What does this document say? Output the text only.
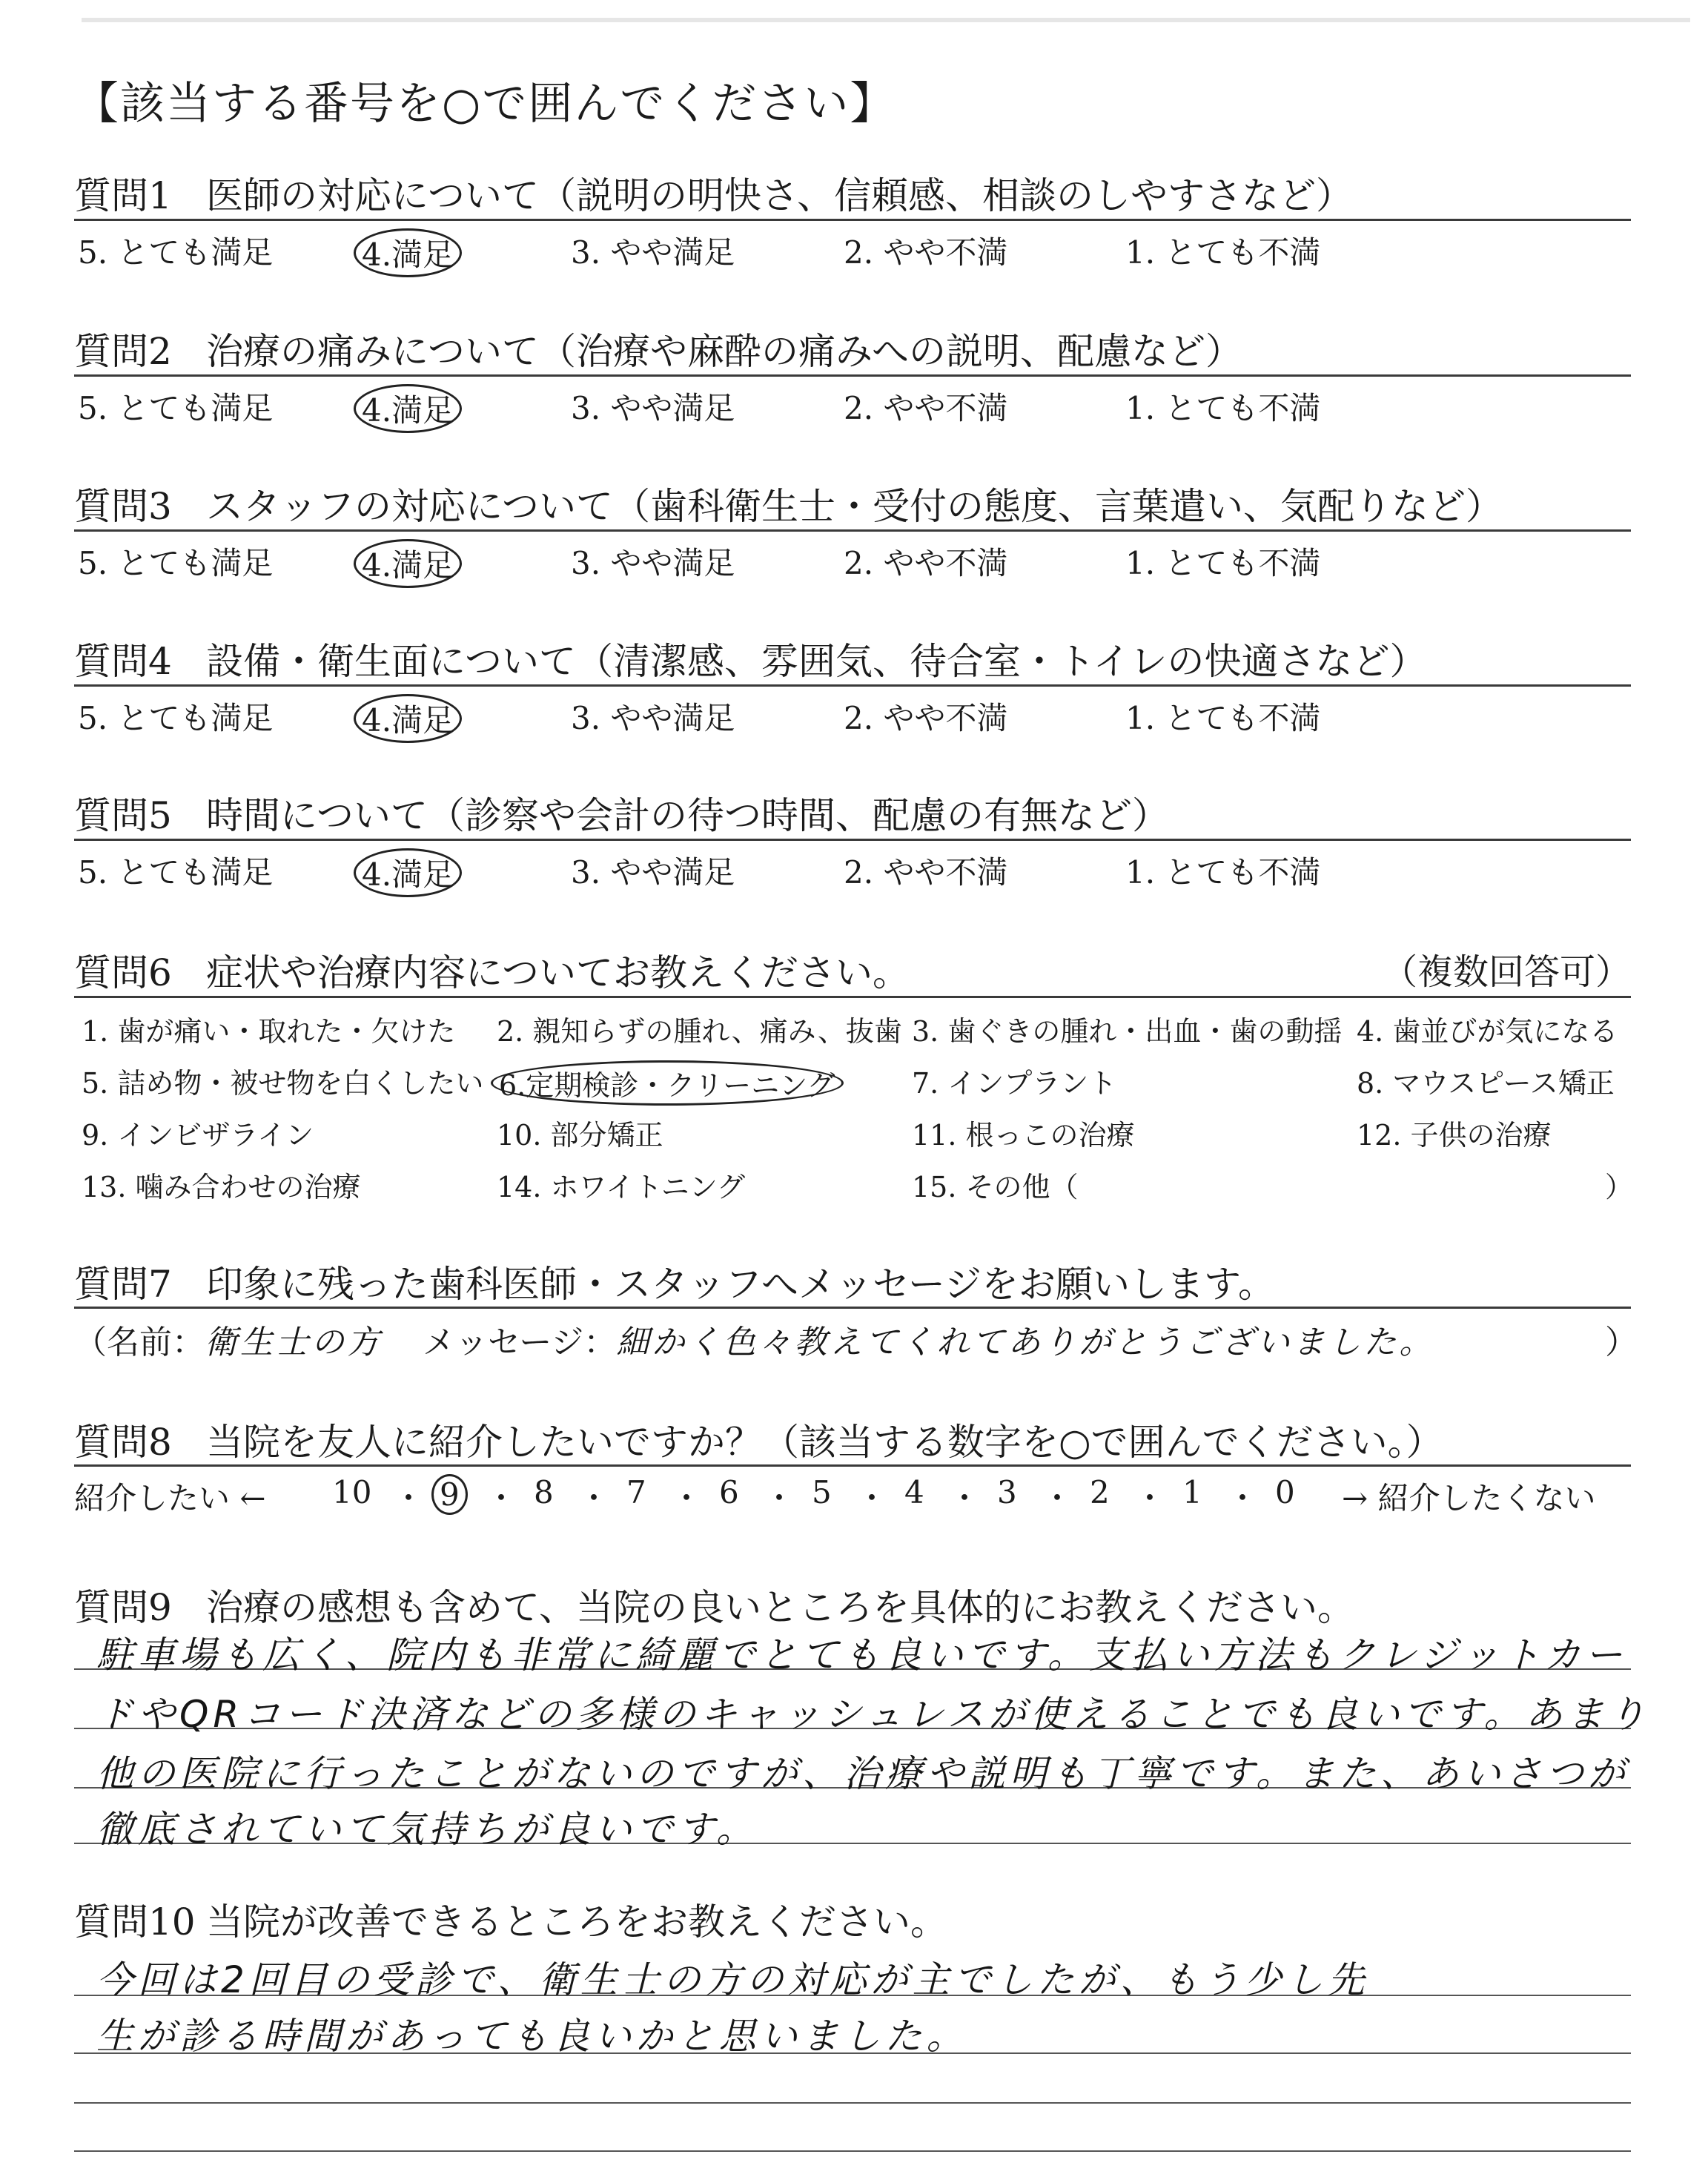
【該当する番号を○で囲んでください】
質問1 医師の対応について（説明の明快さ、信頼感、相談のしやすさなど）
5. とても満足	4.満足	3. やや満足	2. やや不満	1. とても不満
質問2 治療の痛みについて（治療や麻酔の痛みへの説明、配慮など）
5. とても満足	4.満足	3. やや満足	2. やや不満	1. とても不満
質問3 スタッフの対応について（歯科衛生士・受付の態度、言葉遣い、気配りなど）
5. とても満足	4.満足	3. やや満足	2. やや不満	1. とても不満
質問4 設備・衛生面について（清潔感、雰囲気、待合室・トイレの快適さなど）
5. とても満足	4.満足	3. やや満足	2. やや不満	1. とても不満
質問5 時間について（診察や会計の待つ時間、配慮の有無など）
5. とても満足	4.満足	3. やや満足	2. やや不満	1. とても不満
質問6 症状や治療内容についてお教えください。	（複数回答可）
1. 歯が痛い・取れた・欠けた 2. 親知らずの腫れ、痛み、抜歯 3. 歯ぐきの腫れ・出血・歯の動揺 4. 歯並びが気になる
5. 詰め物・被せ物を白くしたい 6.定期検診・クリーニング	7. インプラント	8. マウスピース矯正
9. インビザライン	10. 部分矯正	11. 根っこの治療	12. 子供の治療
13. 噛み合わせの治療	14. ホワイトニング	15. その他（	）
質問7 印象に残った歯科医師・スタッフへメッセージをお願いします。
（名前：衛生士の方 メッセージ：細かく色々教えてくれてありがとうございました。	）
質問8 当院を友人に紹介したいですか？（該当する数字を○で囲んでください。）
紹介したい ← 10 ・ 9 ・ 8 ・ 7 ・ 6 ・ 5 ・ 4 ・ 3 ・ 2 ・ 1 ・ 0 → 紹介したくない
質問9 治療の感想も含めて、当院の良いところを具体的にお教えください。
駐車場も広く、院内も非常に綺麗でとても良いです。支払い方法もクレジットカー
ドやQRコード決済などの多様のキャッシュレスが使えることでも良いです。あまり
他の医院に行ったことがないのですが、治療や説明も丁寧です。また、あいさつが
徹底されていて気持ちが良いです。
質問10 当院が改善できるところをお教えください。
今回は2回目の受診で、衛生士の方の対応が主でしたが、もう少し先
生が診る時間があっても良いかと思いました。
